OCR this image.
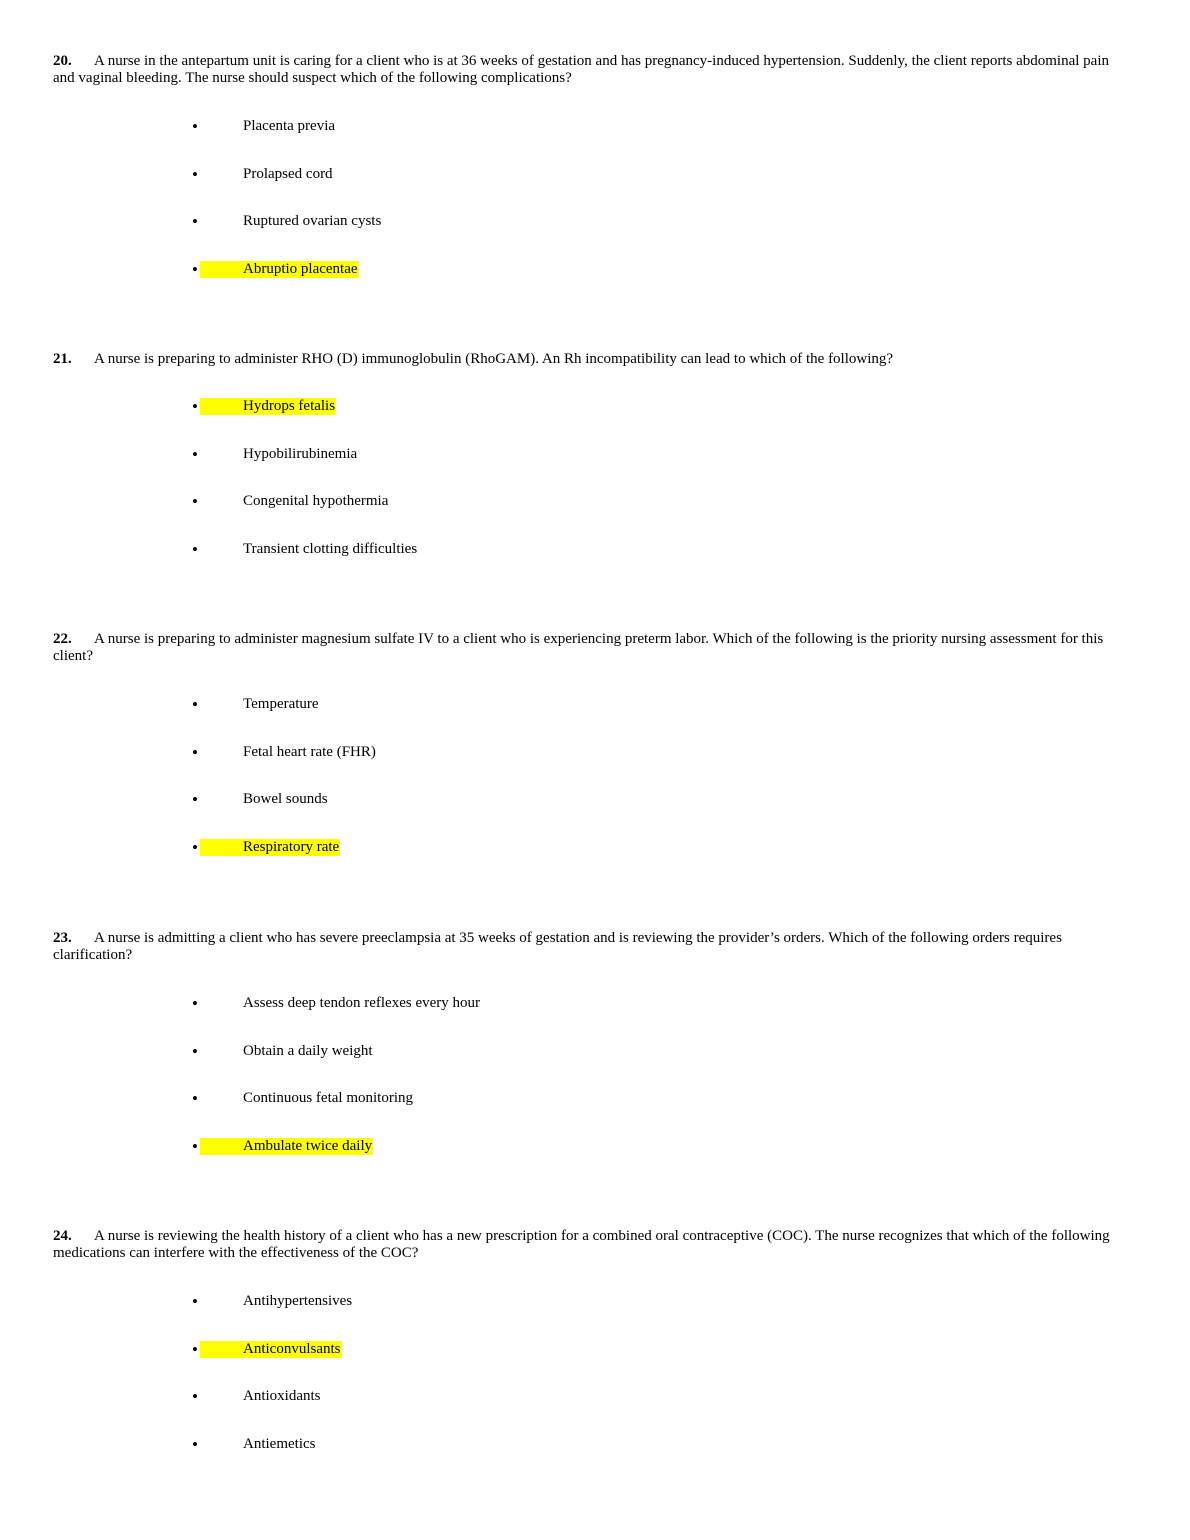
20. A nurse in the antepartum unit is caring for a client who is at 36 weeks of gestation and has pregnancy-induced hypertension. Suddenly, the client reports abdominal pain and vaginal bleeding. The nurse should suspect which of the following complications?

•	Placenta previa
•	Prolapsed cord
•	Ruptured ovarian cysts
•	Abruptio placentae

21. A nurse is preparing to administer RHO (D) immunoglobulin (RhoGAM). An Rh incompatibility can lead to which of the following?

•	Hydrops fetalis
•	Hypobilirubinemia
•	Congenital hypothermia
•	Transient clotting difficulties

22. A nurse is preparing to administer magnesium sulfate IV to a client who is experiencing preterm labor. Which of the following is the priority nursing assessment for this client?

•	Temperature
•	Fetal heart rate (FHR)
•	Bowel sounds
•	Respiratory rate

23. A nurse is admitting a client who has severe preeclampsia at 35 weeks of gestation and is reviewing the provider’s orders. Which of the following orders requires clarification?

•	Assess deep tendon reflexes every hour
•	Obtain a daily weight
•	Continuous fetal monitoring
•	Ambulate twice daily

24. A nurse is reviewing the health history of a client who has a new prescription for a combined oral contraceptive (COC). The nurse recognizes that which of the following medications can interfere with the effectiveness of the COC?

•	Antihypertensives
•	Anticonvulsants
•	Antioxidants
•	Antiemetics
